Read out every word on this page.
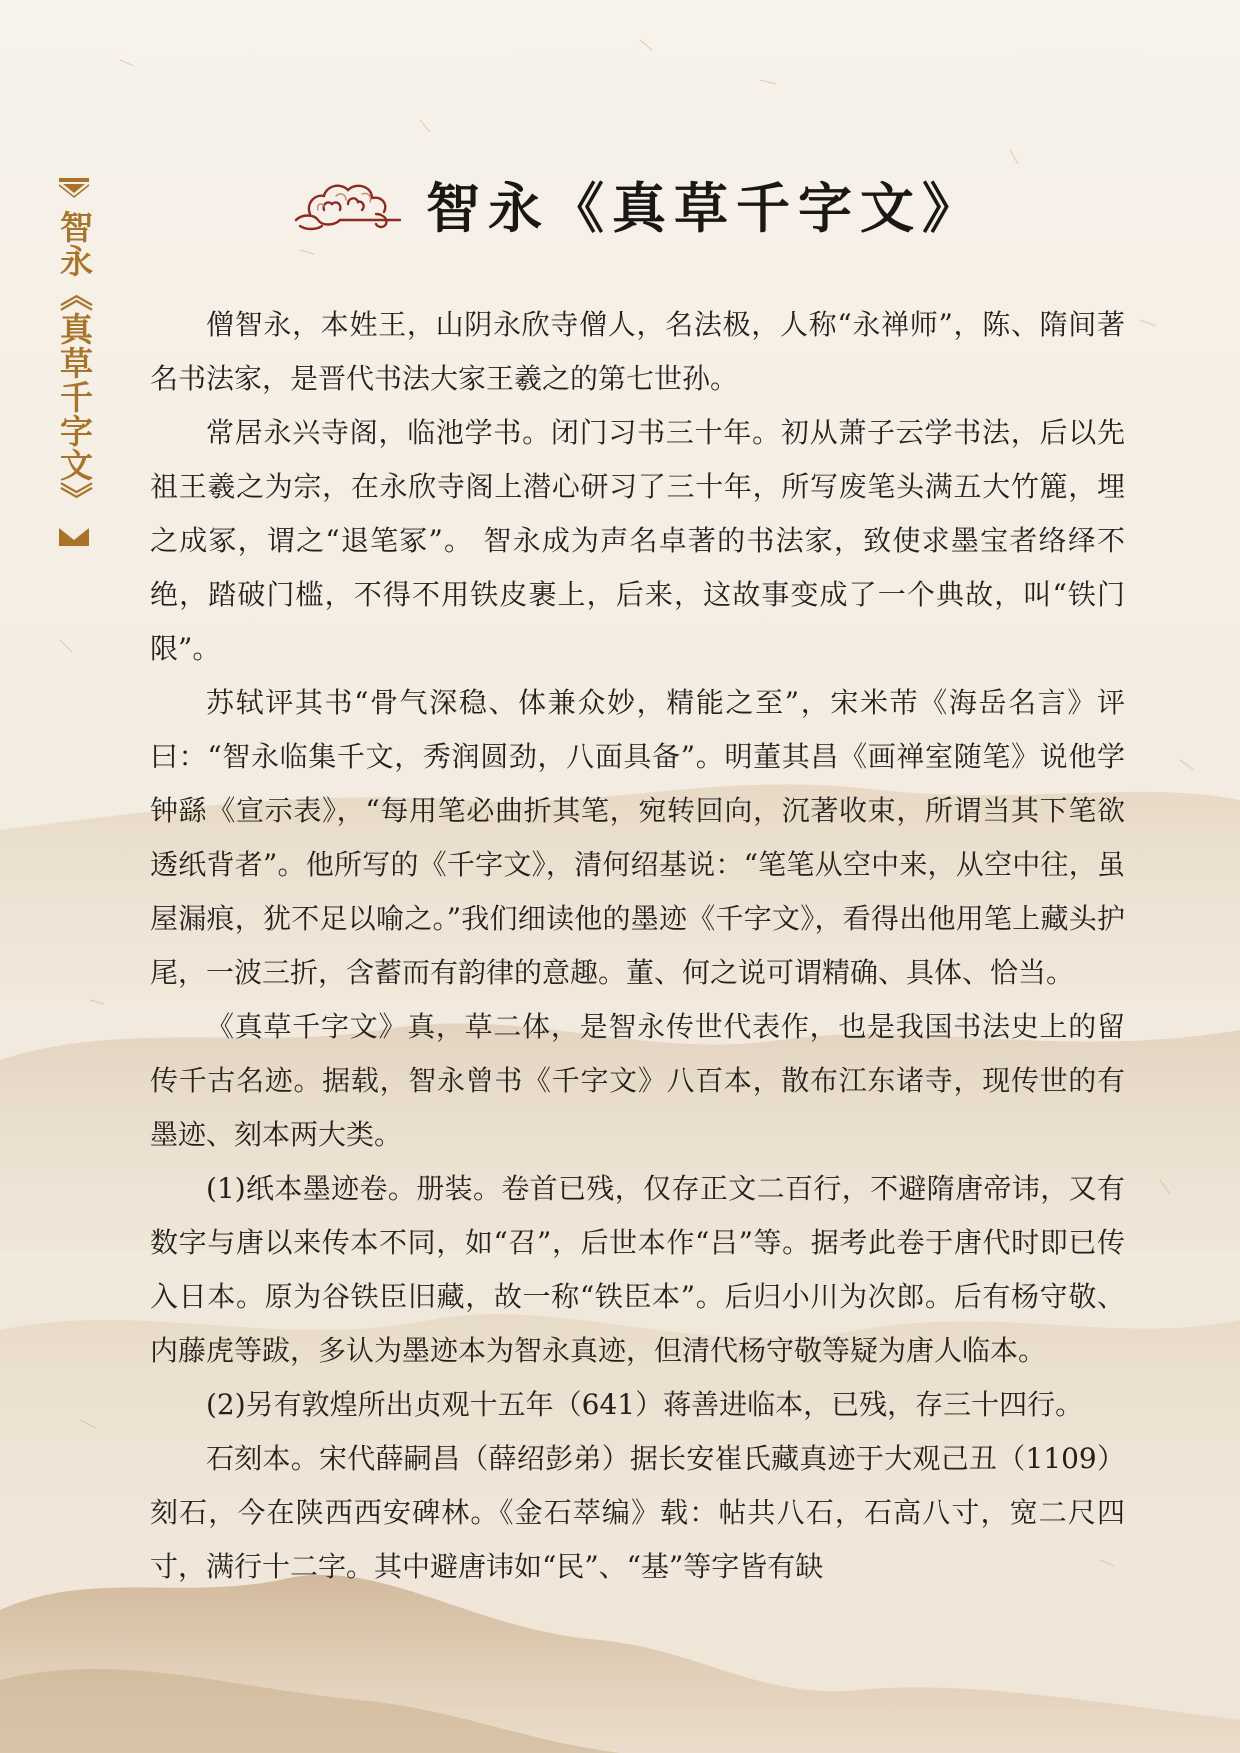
智永《真草千字文》
智永《真草千字文》

僧智永，本姓王，山阴永欣寺僧人，名法极，人称“永禅师”，陈、隋间著名书法家，是晋代书法大家王羲之的第七世孙。

常居永兴寺阁，临池学书。闭门习书三十年。初从萧子云学书法，后以先祖王羲之为宗，在永欣寺阁上潜心研习了三十年，所写废笔头满五大竹簏，埋之成冢，谓之“退笔冢”。 智永成为声名卓著的书法家，致使求墨宝者络绎不绝，踏破门槛，不得不用铁皮裹上，后来，这故事变成了一个典故，叫“铁门限”。

苏轼评其书“骨气深稳、体兼众妙，精能之至”，宋米芾《海岳名言》评曰：“智永临集千文，秀润圆劲，八面具备”。明董其昌《画禅室随笔》说他学钟繇《宣示表》，“每用笔必曲折其笔，宛转回向，沉著收束，所谓当其下笔欲透纸背者”。他所写的《千字文》，清何绍基说：“笔笔从空中来，从空中往，虽屋漏痕，犹不足以喻之。”我们细读他的墨迹《千字文》，看得出他用笔上藏头护尾，一波三折，含蓄而有韵律的意趣。董、何之说可谓精确、具体、恰当。

《真草千字文》真，草二体，是智永传世代表作，也是我国书法史上的留传千古名迹。据载，智永曾书《千字文》八百本，散布江东诸寺，现传世的有墨迹、刻本两大类。

(1)纸本墨迹卷。册装。卷首已残，仅存正文二百行，不避隋唐帝讳，又有数字与唐以来传本不同，如“召”，后世本作“吕”等。据考此卷于唐代时即已传入日本。原为谷铁臣旧藏，故一称“铁臣本”。后归小川为次郎。后有杨守敬、内藤虎等跋，多认为墨迹本为智永真迹，但清代杨守敬等疑为唐人临本。

(2)另有敦煌所出贞观十五年（641）蒋善进临本，已残，存三十四行。

石刻本。宋代薛嗣昌（薛绍彭弟）据长安崔氏藏真迹于大观己丑（1109）刻石，今在陕西西安碑林。《金石萃编》载：帖共八石，石高八寸，宽二尺四寸，满行十二字。其中避唐讳如“民”、“基”等字皆有缺
